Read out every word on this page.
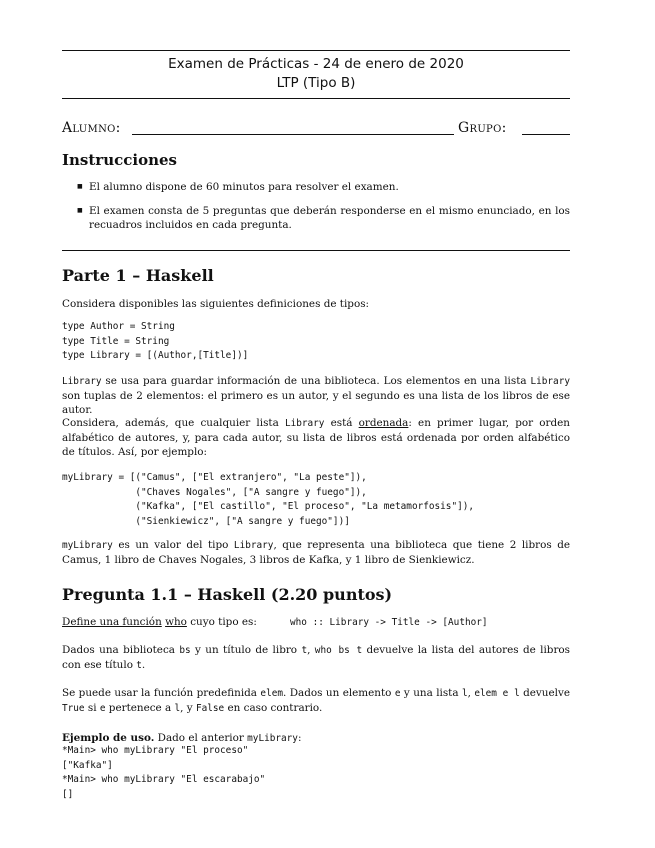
Examen de Prácticas - 24 de enero de 2020
LTP (Tipo B)
Alumno:	Grupo:
Instrucciones
■ El alumno dispone de 60 minutos para resolver el examen.
■ El examen consta de 5 preguntas que deberán responderse en el mismo enunciado, en los recuadros incluidos en cada pregunta.
Parte 1 – Haskell
Considera disponibles las siguientes definiciones de tipos:
type Author = String
type Title = String
type Library = [(Author,[Title])]
Library se usa para guardar información de una biblioteca. Los elementos en una lista Library son tuplas de 2 elementos: el primero es un autor, y el segundo es una lista de los libros de ese autor.
Considera, además, que cualquier lista Library está ordenada: en primer lugar, por orden alfabético de autores, y, para cada autor, su lista de libros está ordenada por orden alfabético de títulos. Así, por ejemplo:
myLibrary = [("Camus", ["El extranjero", "La peste"]),
("Chaves Nogales", ["A sangre y fuego"]),
("Kafka", ["El castillo", "El proceso", "La metamorfosis"]),
("Sienkiewicz", ["A sangre y fuego"])]
myLibrary es un valor del tipo Library, que representa una biblioteca que tiene 2 libros de Camus, 1 libro de Chaves Nogales, 3 libros de Kafka, y 1 libro de Sienkiewicz.
Pregunta 1.1 – Haskell (2.20 puntos)
Define una función who cuyo tipo es:	who :: Library -> Title -> [Author]
Dados una biblioteca bs y un título de libro t, who bs t devuelve la lista del autores de libros con ese título t.
Se puede usar la función predefinida elem. Dados un elemento e y una lista l, elem e l devuelve True si e pertenece a l, y False en caso contrario.
Ejemplo de uso. Dado el anterior myLibrary:
*Main> who myLibrary "El proceso"
["Kafka"]
*Main> who myLibrary "El escarabajo"
[]
